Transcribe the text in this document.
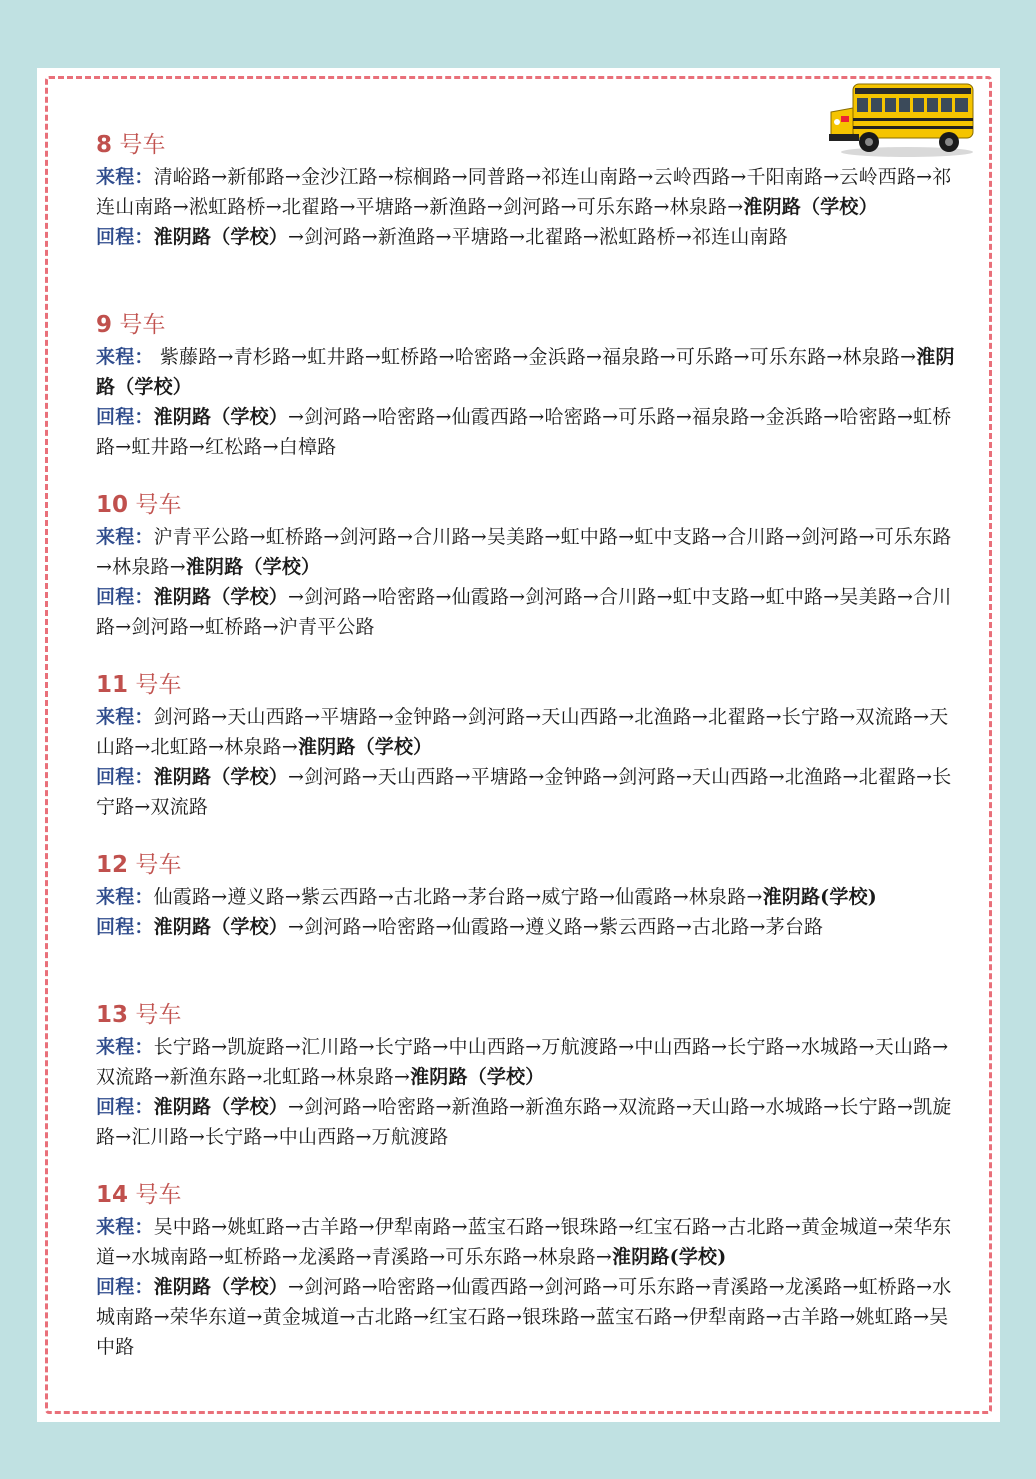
8 号车
来程：清峪路→新郁路→金沙江路→棕榈路→同普路→祁连山南路→云岭西路→千阳南路→云岭西路→祁连山南路→淞虹路桥→北翟路→平塘路→新渔路→剑河路→可乐东路→林泉路→淮阴路（学校）
回程：淮阴路（学校）→剑河路→新渔路→平塘路→北翟路→淞虹路桥→祁连山南路
9 号车
来程： 紫藤路→青杉路→虹井路→虹桥路→哈密路→金浜路→福泉路→可乐路→可乐东路→林泉路→淮阴路（学校）
回程：淮阴路（学校）→剑河路→哈密路→仙霞西路→哈密路→可乐路→福泉路→金浜路→哈密路→虹桥路→虹井路→红松路→白樟路
10 号车
来程：沪青平公路→虹桥路→剑河路→合川路→吴美路→虹中路→虹中支路→合川路→剑河路→可乐东路→林泉路→淮阴路（学校）
回程：淮阴路（学校）→剑河路→哈密路→仙霞路→剑河路→合川路→虹中支路→虹中路→吴美路→合川路→剑河路→虹桥路→沪青平公路
11 号车
来程：剑河路→天山西路→平塘路→金钟路→剑河路→天山西路→北渔路→北翟路→长宁路→双流路→天山路→北虹路→林泉路→淮阴路（学校）
回程：淮阴路（学校）→剑河路→天山西路→平塘路→金钟路→剑河路→天山西路→北渔路→北翟路→长宁路→双流路
12 号车
来程：仙霞路→遵义路→紫云西路→古北路→茅台路→威宁路→仙霞路→林泉路→淮阴路(学校)
回程：淮阴路（学校）→剑河路→哈密路→仙霞路→遵义路→紫云西路→古北路→茅台路
13 号车
来程：长宁路→凯旋路→汇川路→长宁路→中山西路→万航渡路→中山西路→长宁路→水城路→天山路→双流路→新渔东路→北虹路→林泉路→淮阴路（学校）
回程：淮阴路（学校）→剑河路→哈密路→新渔路→新渔东路→双流路→天山路→水城路→长宁路→凯旋路→汇川路→长宁路→中山西路→万航渡路
14 号车
来程：吴中路→姚虹路→古羊路→伊犁南路→蓝宝石路→银珠路→红宝石路→古北路→黄金城道→荣华东道→水城南路→虹桥路→龙溪路→青溪路→可乐东路→林泉路→淮阴路(学校)
回程：淮阴路（学校）→剑河路→哈密路→仙霞西路→剑河路→可乐东路→青溪路→龙溪路→虹桥路→水城南路→荣华东道→黄金城道→古北路→红宝石路→银珠路→蓝宝石路→伊犁南路→古羊路→姚虹路→吴中路
